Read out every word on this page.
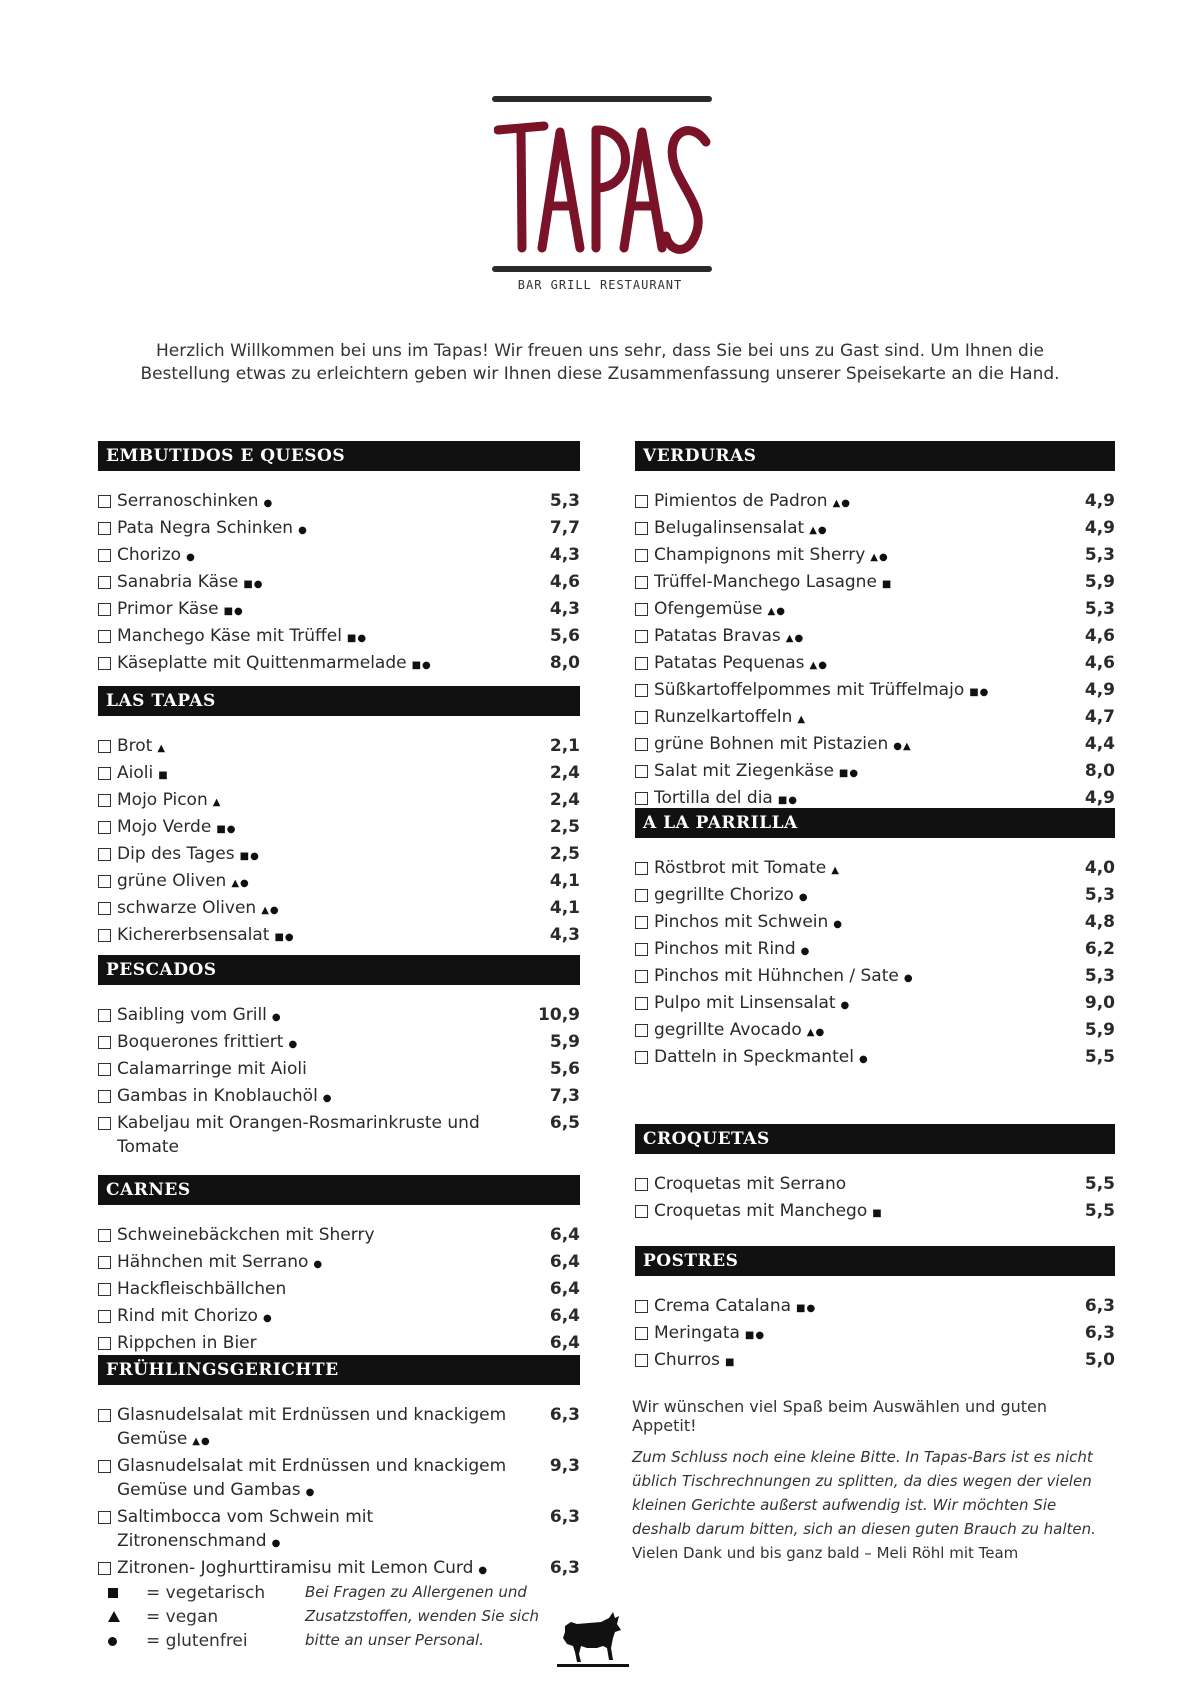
BAR GRILL RESTAURANT
Herzlich Willkommen bei uns im Tapas! Wir freuen uns sehr, dass Sie bei uns zu Gast sind. Um Ihnen die Bestellung etwas zu erleichtern geben wir Ihnen diese Zusammenfassung unserer Speisekarte an die Hand.
EMBUTIDOS E QUESOS
Serranoschinken ●	5,3
Pata Negra Schinken ●	7,7
Chorizo ●	4,3
Sanabria Käse ■●	4,6
Primor Käse ■●	4,3
Manchego Käse mit Trüffel ■●	5,6
Käseplatte mit Quittenmarmelade ■●	8,0
LAS TAPAS
Brot ▲	2,1
Aioli ■	2,4
Mojo Picon ▲	2,4
Mojo Verde ■●	2,5
Dip des Tages ■●	2,5
grüne Oliven ▲●	4,1
schwarze Oliven ▲●	4,1
Kichererbsensalat ■●	4,3
PESCADOS
Saibling vom Grill ●	10,9
Boquerones frittiert ●	5,9
Calamarringe mit Aioli	5,6
Gambas in Knoblauchöl ●	7,3
Kabeljau mit Orangen-Rosmarinkruste und Tomate
6,5
CARNES
Schweinebäckchen mit Sherry	6,4
Hähnchen mit Serrano ●	6,4
Hackfleischbällchen	6,4
Rind mit Chorizo ●	6,4
Rippchen in Bier	6,4
FRÜHLINGSGERICHTE
Glasnudelsalat mit Erdnüssen und knackigem Gemüse ▲●
6,3
Glasnudelsalat mit Erdnüssen und knackigem Gemüse und Gambas ●
9,3
Saltimbocca vom Schwein mit Zitronenschmand ●
6,3
Zitronen- Joghurttiramisu mit Lemon Curd ●	6,3
VERDURAS
Pimientos de Padron ▲●	4,9
Belugalinsensalat ▲●	4,9
Champignons mit Sherry ▲●	5,3
Trüffel-Manchego Lasagne ■	5,9
Ofengemüse ▲●	5,3
Patatas Bravas ▲●	4,6
Patatas Pequenas ▲●	4,6
Süßkartoffelpommes mit Trüffelmajo ■●	4,9
Runzelkartoffeln ▲	4,7
grüne Bohnen mit Pistazien ●▲	4,4
Salat mit Ziegenkäse ■●	8,0
Tortilla del dia ■●	4,9
A LA PARRILLA
Röstbrot mit Tomate ▲	4,0
gegrillte Chorizo ●	5,3
Pinchos mit Schwein ●	4,8
Pinchos mit Rind ●	6,2
Pinchos mit Hühnchen / Sate ●	5,3
Pulpo mit Linsensalat ●	9,0
gegrillte Avocado ▲●	5,9
Datteln in Speckmantel ●	5,5
CROQUETAS
Croquetas mit Serrano	5,5
Croquetas mit Manchego ■	5,5
POSTRES
Crema Catalana ■●	6,3
Meringata ■●	6,3
Churros ■	5,0
Wir wünschen viel Spaß beim Auswählen und guten Appetit!
Zum Schluss noch eine kleine Bitte. In Tapas-Bars ist es nicht üblich Tischrechnungen zu splitten, da dies wegen der vielen kleinen Gerichte außerst aufwendig ist. Wir möchten Sie deshalb darum bitten, sich an diesen guten Brauch zu halten.
Vielen Dank und bis ganz bald – Meli Röhl mit Team
= vegetarisch
= vegan
= glutenfrei
Bei Fragen zu Allergenen und Zusatzstoffen, wenden Sie sich bitte an unser Personal.
